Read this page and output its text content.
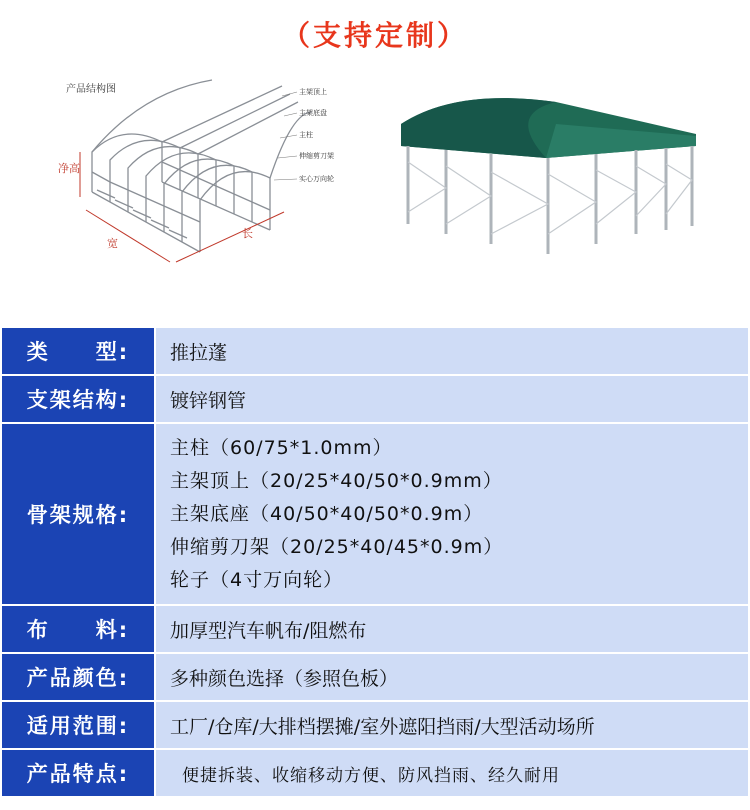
（支持定制）
产品结构图
净高
宽
长
主架顶上
主架底盘
主柱
伸缩剪刀架
实心万向轮
类　　型:	推拉蓬
支架结构:	镀锌钢管
骨架规格:	主柱（60/75*1.0mm）
主架顶上（20/25*40/50*0.9mm）
主架底座（40/50*40/50*0.9m）
伸缩剪刀架（20/25*40/45*0.9m）
轮子（4寸万向轮）

布　　料:	加厚型汽车帆布/阻燃布
产品颜色:	多种颜色选择（参照色板）
适用范围:	工厂/仓库/大排档摆摊/室外遮阳挡雨/大型活动场所
产品特点:	便捷拆装、收缩移动方便、防风挡雨、经久耐用
